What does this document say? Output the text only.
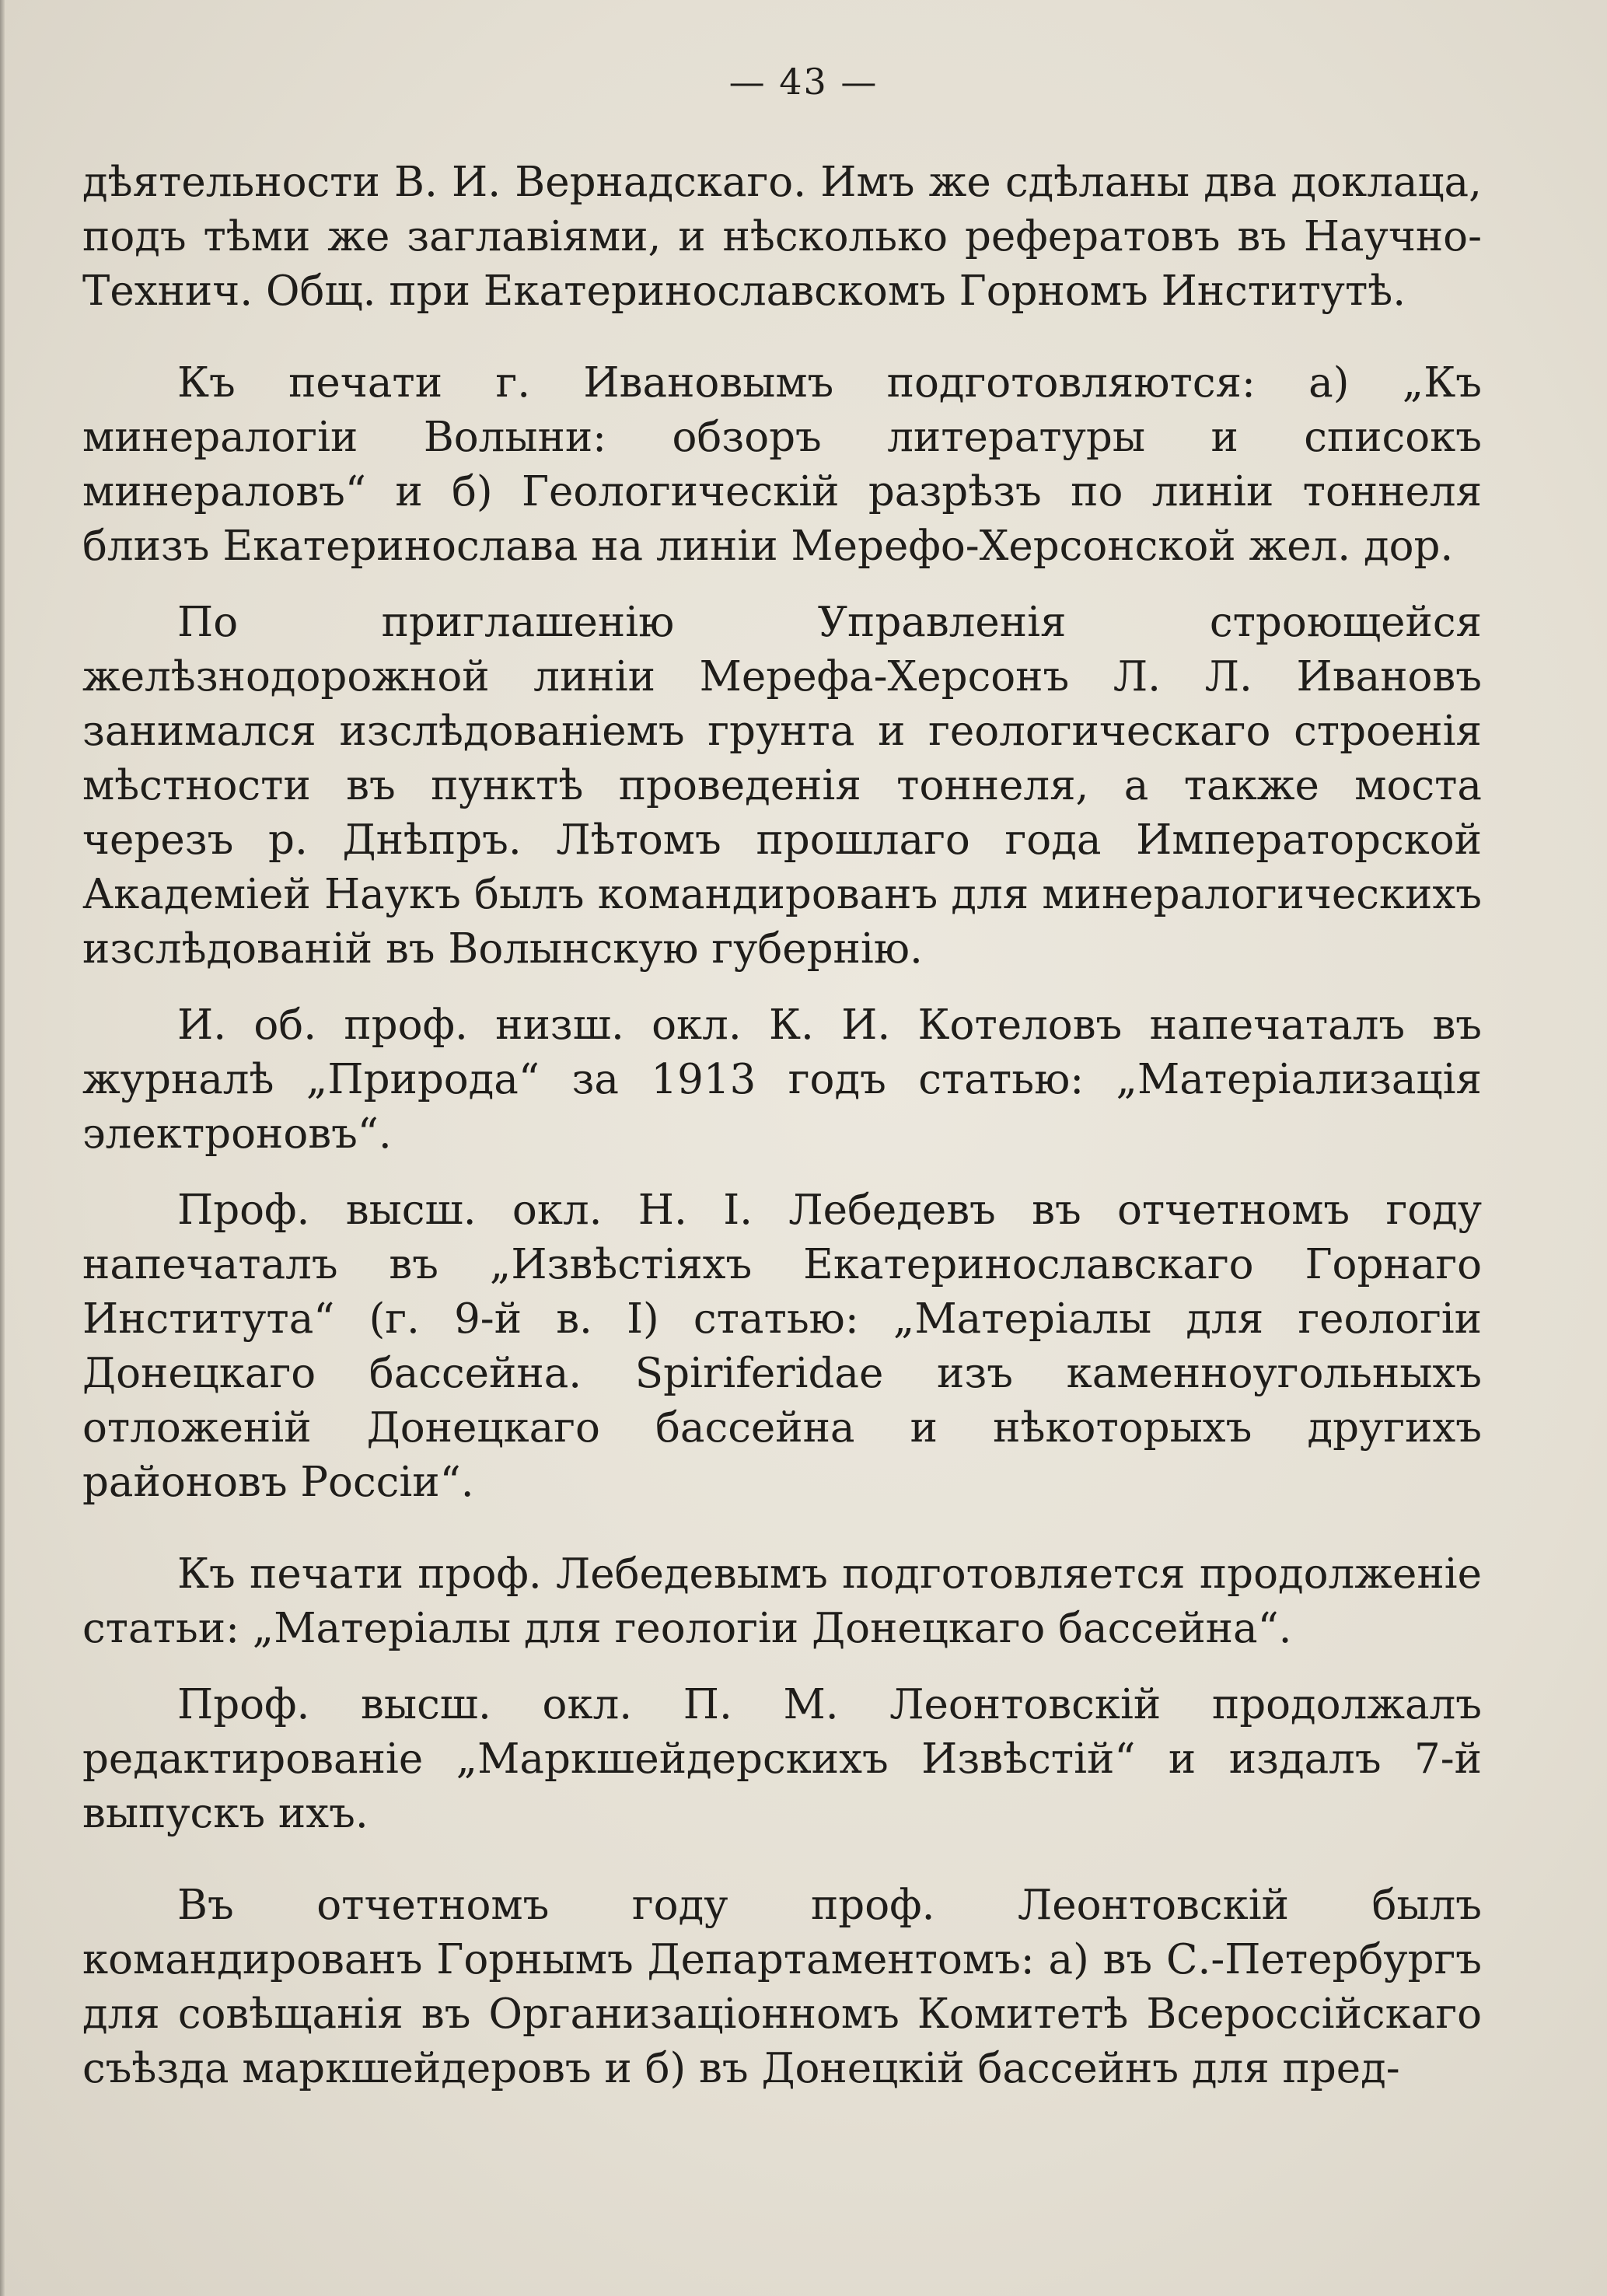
— 43 —

дѣятельности В. И. Вернадскаго. Имъ же сдѣланы два доклаца, подъ тѣми же заглавіями, и нѣсколько рефератовъ въ Научно-Технич. Общ. при Екатеринославскомъ Горномъ Институтѣ.

Къ печати г. Ивановымъ подготовляются: а) „Къ минералогіи Волыни: обзоръ литературы и списокъ минераловъ“ и б) Геологическій разрѣзъ по линіи тоннеля близъ Екатеринослава на линіи Мерефо-Херсонской жел. дор.

По приглашенію Управленія строющейся желѣзнодорожной линіи Мерефа-Херсонъ Л. Л. Ивановъ занимался изслѣдованіемъ грунта и геологическаго строенія мѣстности въ пунктѣ проведенія тоннеля, а также моста черезъ р. Днѣпръ. Лѣтомъ прошлаго года Императорской Академіей Наукъ былъ командированъ для минералогическихъ изслѣдованій въ Волынскую губернію.

И. об. проф. низш. окл. К. И. Котеловъ напечаталъ въ журналѣ „Природа“ за 1913 годъ статью: „Матеріализація электроновъ“.

Проф. высш. окл. Н. І. Лебедевъ въ отчетномъ году напечаталъ въ „Извѣстіяхъ Екатеринославскаго Горнаго Института“ (г. 9-й в. І) статью: „Матеріалы для геологіи Донецкаго бассейна. Spiriferidae изъ каменноугольныхъ отложеній Донецкаго бассейна и нѣкоторыхъ другихъ районовъ Россіи“.

Къ печати проф. Лебедевымъ подготовляется продолженіе статьи: „Матеріалы для геологіи Донецкаго бассейна“.

Проф. высш. окл. П. М. Леонтовскій продолжалъ редактированіе „Маркшейдерскихъ Извѣстій“ и издалъ 7-й выпускъ ихъ.

Въ отчетномъ году проф. Леонтовскій былъ командированъ Горнымъ Департаментомъ: а) въ С.-Петербургъ для совѣщанія въ Организаціонномъ Комитетѣ Всероссійскаго съѣзда маркшейдеровъ и б) въ Донецкій бассейнъ для пред-
